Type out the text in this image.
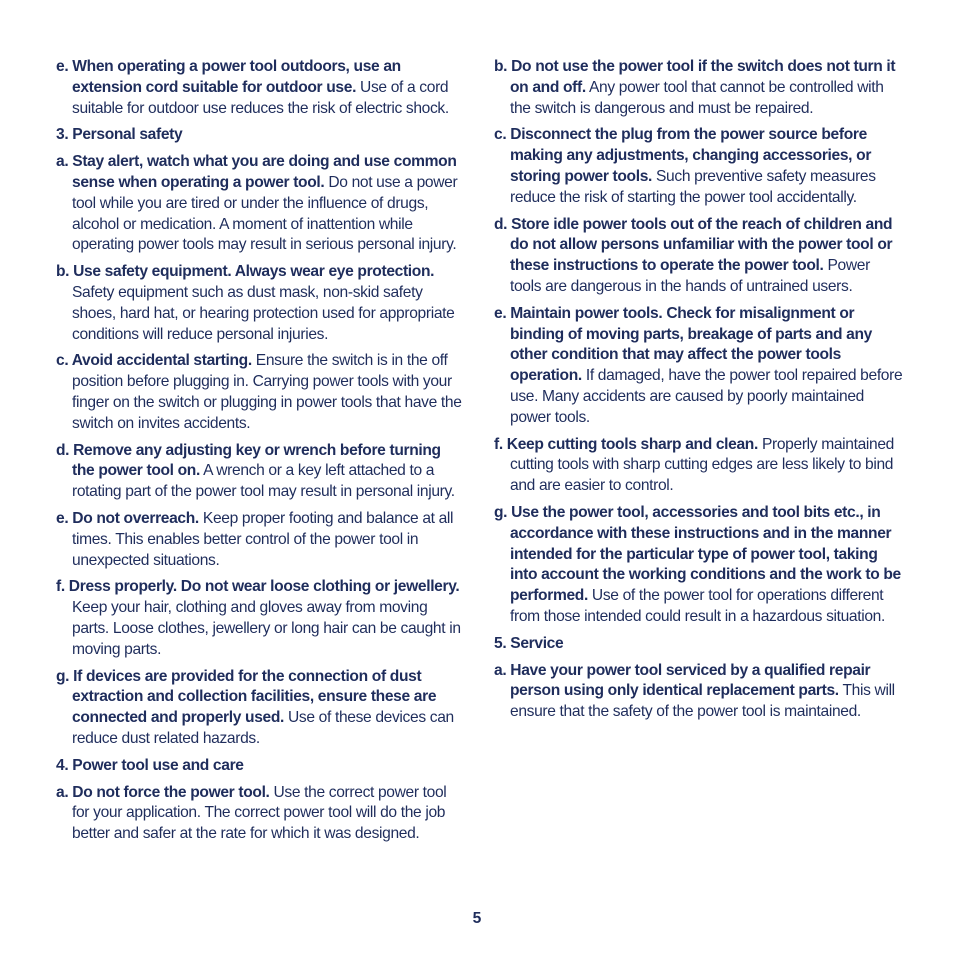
e. When operating a power tool outdoors, use an extension cord suitable for outdoor use. Use of a cord suitable for outdoor use reduces the risk of electric shock.

3. Personal safety

a. Stay alert, watch what you are doing and use common sense when operating a power tool. Do not use a power tool while you are tired or under the influence of drugs, alcohol or medication. A moment of inattention while operating power tools may result in serious personal injury.

b. Use safety equipment. Always wear eye protection. Safety equipment such as dust mask, non-skid safety shoes, hard hat, or hearing protection used for appropriate conditions will reduce personal injuries.

c. Avoid accidental starting. Ensure the switch is in the off position before plugging in. Carrying power tools with your finger on the switch or plugging in power tools that have the switch on invites accidents.

d. Remove any adjusting key or wrench before turning the power tool on. A wrench or a key left attached to a rotating part of the power tool may result in personal injury.

e. Do not overreach. Keep proper footing and balance at all times. This enables better control of the power tool in unexpected situations.

f. Dress properly. Do not wear loose clothing or jewellery. Keep your hair, clothing and gloves away from moving parts. Loose clothes, jewellery or long hair can be caught in moving parts.

g. If devices are provided for the connection of dust extraction and collection facilities, ensure these are connected and properly used. Use of these devices can reduce dust related hazards.

4. Power tool use and care

a. Do not force the power tool. Use the correct power tool for your application. The correct power tool will do the job better and safer at the rate for which it was designed.

b. Do not use the power tool if the switch does not turn it on and off. Any power tool that cannot be controlled with the switch is dangerous and must be repaired.

c. Disconnect the plug from the power source before making any adjustments, changing accessories, or storing power tools. Such preventive safety measures reduce the risk of starting the power tool accidentally.

d. Store idle power tools out of the reach of children and do not allow persons unfamiliar with the power tool or these instructions to operate the power tool. Power tools are dangerous in the hands of untrained users.

e. Maintain power tools. Check for misalignment or binding of moving parts, breakage of parts and any other condition that may affect the power tools operation. If damaged, have the power tool repaired before use. Many accidents are caused by poorly maintained power tools.

f. Keep cutting tools sharp and clean. Properly maintained cutting tools with sharp cutting edges are less likely to bind and are easier to control.

g. Use the power tool, accessories and tool bits etc., in accordance with these instructions and in the manner intended for the particular type of power tool, taking into account the working conditions and the work to be performed. Use of the power tool for operations different from those intended could result in a hazardous situation.

5. Service

a. Have your power tool serviced by a qualified repair person using only identical replacement parts. This will ensure that the safety of the power tool is maintained.

5
